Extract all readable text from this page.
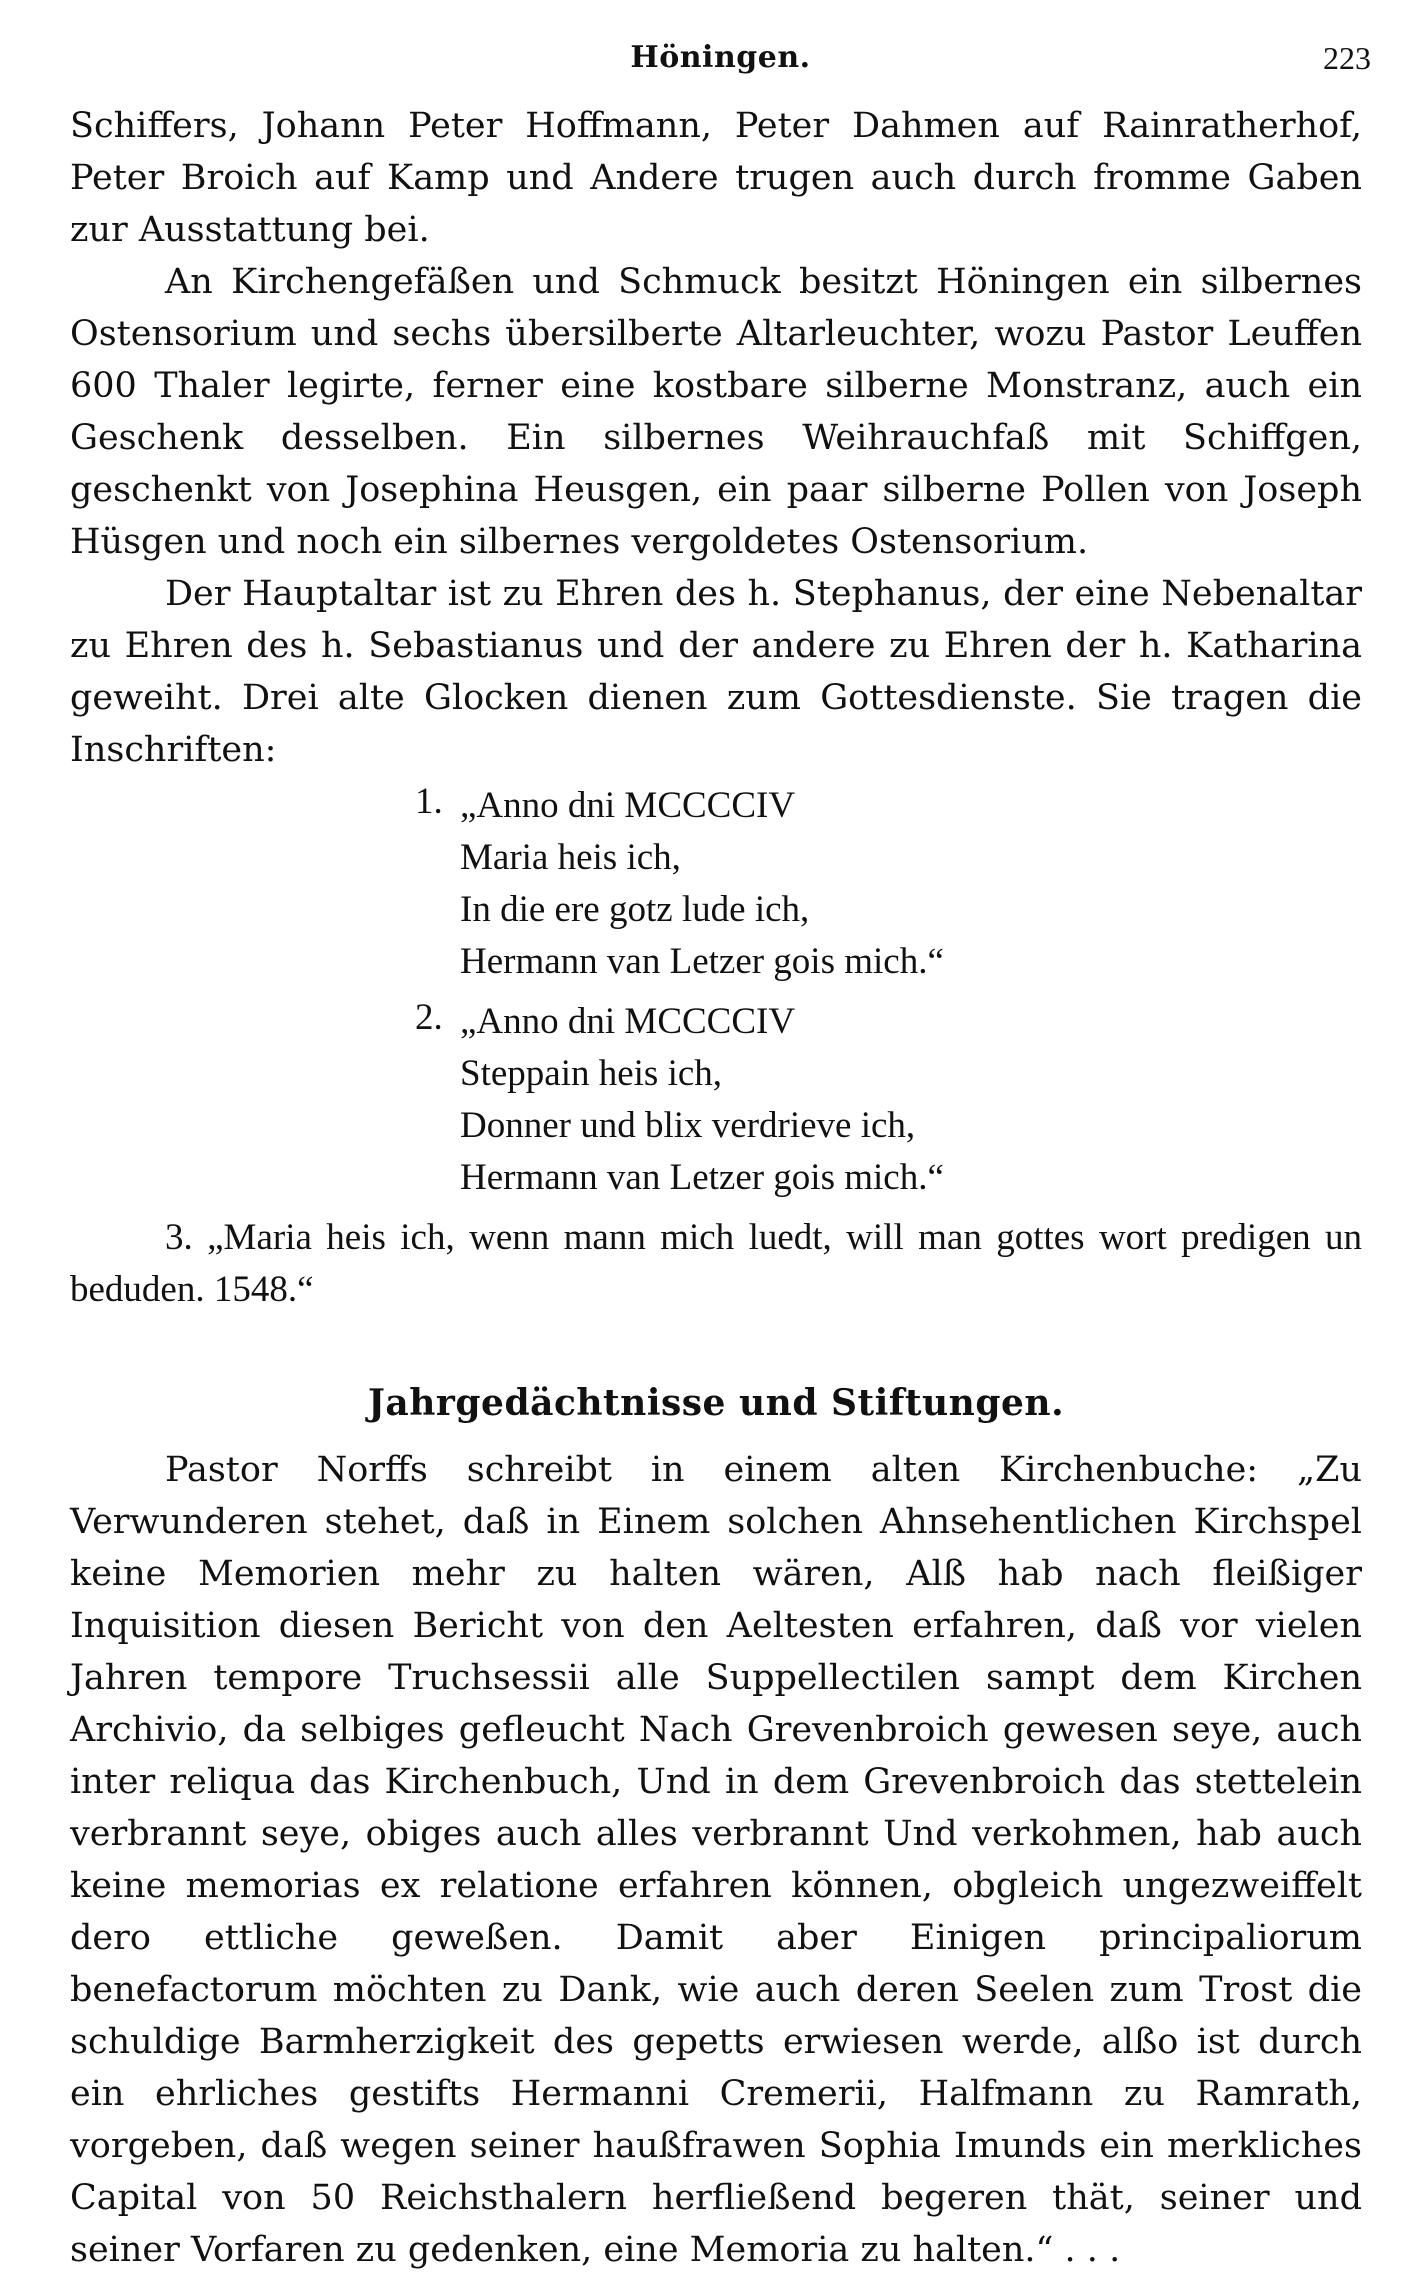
Höningen.	223

Schiffers, Johann Peter Hoffmann, Peter Dahmen auf Rainratherhof, Peter Broich auf Kamp und Andere trugen auch durch fromme Gaben zur Ausstattung bei.

An Kirchengefäßen und Schmuck besitzt Höningen ein silbernes Ostensorium und sechs übersilberte Altarleuchter, wozu Pastor Leuffen 600 Thaler legirte, ferner eine kostbare silberne Monstranz, auch ein Geschenk desselben. Ein silbernes Weihrauchfaß mit Schiffgen, geschenkt von Josephina Heusgen, ein paar silberne Pollen von Joseph Hüsgen und noch ein silbernes vergoldetes Ostensorium.

Der Hauptaltar ist zu Ehren des h. Stephanus, der eine Nebenaltar zu Ehren des h. Sebastianus und der andere zu Ehren der h. Katharina geweiht. Drei alte Glocken dienen zum Gottesdienste. Sie tragen die Inschriften:

1. „Anno dni MCCCCIV
Maria heis ich,
In die ere gotz lude ich,
Hermann van Letzer gois mich.“
2. „Anno dni MCCCCIV
Steppain heis ich,
Donner und blix verdrieve ich,
Hermann van Letzer gois mich.“

3. „Maria heis ich, wenn mann mich luedt, will man gottes wort predigen un beduden. 1548.“

Jahrgedächtnisse und Stiftungen.

Pastor Norffs schreibt in einem alten Kirchenbuche: „Zu Verwunderen stehet, daß in Einem solchen Ahnsehentlichen Kirchspel keine Memorien mehr zu halten wären, Alß hab nach fleißiger Inquisition diesen Bericht von den Aeltesten erfahren, daß vor vielen Jahren tempore Truchsessii alle Suppellectilen sampt dem Kirchen Archivio, da selbiges gefleucht Nach Grevenbroich gewesen seye, auch inter reliqua das Kirchenbuch, Und in dem Grevenbroich das stettelein verbrannt seye, obiges auch alles verbrannt Und verkohmen, hab auch keine memorias ex relatione erfahren können, obgleich ungezweiffelt dero ettliche geweßen. Damit aber Einigen principaliorum benefactorum möchten zu Dank, wie auch deren Seelen zum Trost die schuldige Barmherzigkeit des gepetts erwiesen werde, alßo ist durch ein ehrliches gestifts Hermanni Cremerii, Halfmann zu Ramrath, vorgeben, daß wegen seiner haußfrawen Sophia Imunds ein merkliches Capital von 50 Reichsthalern herfließend begeren thät, seiner und seiner Vorfaren zu gedenken, eine Memoria zu halten.“ . . .
